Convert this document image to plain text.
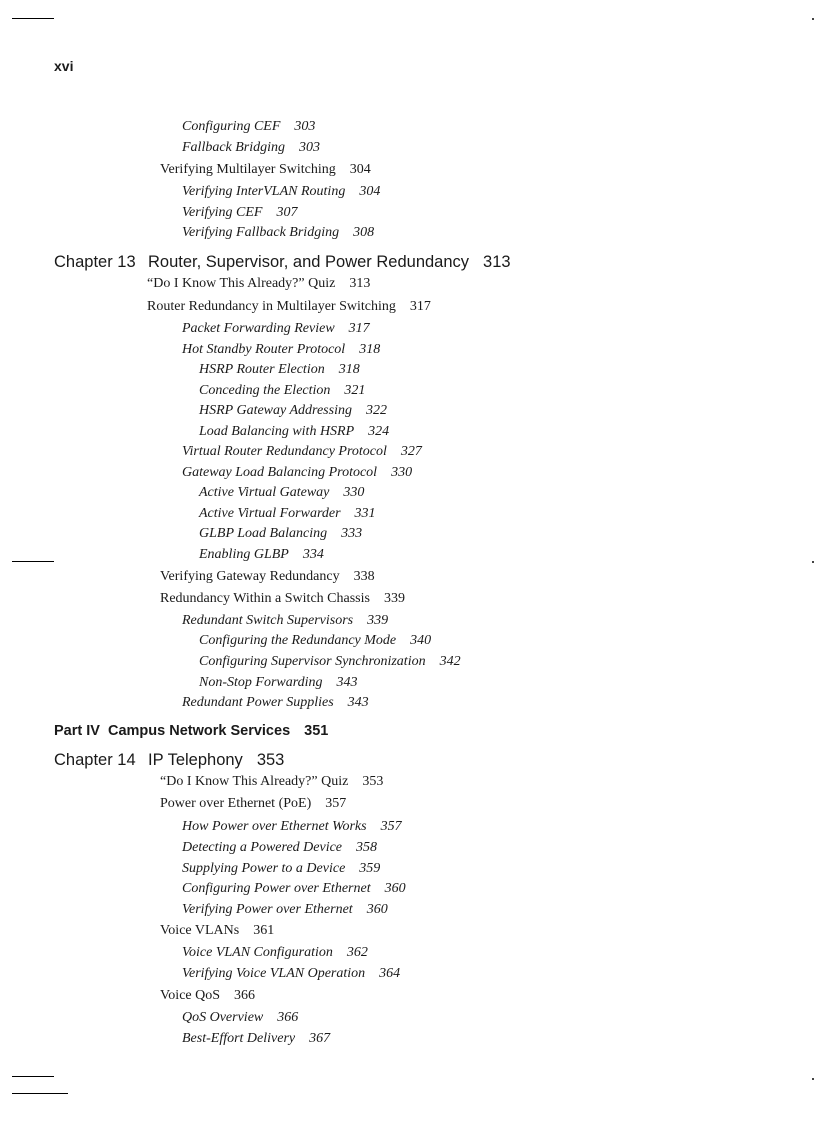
xvi
Configuring CEF 303
Fallback Bridging 303
Verifying Multilayer Switching 304
Verifying InterVLAN Routing 304
Verifying CEF 307
Verifying Fallback Bridging 308
Chapter 13 Router, Supervisor, and Power Redundancy 313
“Do I Know This Already?” Quiz 313
Router Redundancy in Multilayer Switching 317
Packet Forwarding Review 317
Hot Standby Router Protocol 318
HSRP Router Election 318
Conceding the Election 321
HSRP Gateway Addressing 322
Load Balancing with HSRP 324
Virtual Router Redundancy Protocol 327
Gateway Load Balancing Protocol 330
Active Virtual Gateway 330
Active Virtual Forwarder 331
GLBP Load Balancing 333
Enabling GLBP 334
Verifying Gateway Redundancy 338
Redundancy Within a Switch Chassis 339
Redundant Switch Supervisors 339
Configuring the Redundancy Mode 340
Configuring Supervisor Synchronization 342
Non-Stop Forwarding 343
Redundant Power Supplies 343
Part IV  Campus Network Services 351
Chapter 14 IP Telephony 353
“Do I Know This Already?” Quiz 353
Power over Ethernet (PoE) 357
How Power over Ethernet Works 357
Detecting a Powered Device 358
Supplying Power to a Device 359
Configuring Power over Ethernet 360
Verifying Power over Ethernet 360
Voice VLANs 361
Voice VLAN Configuration 362
Verifying Voice VLAN Operation 364
Voice QoS 366
QoS Overview 366
Best-Effort Delivery 367
